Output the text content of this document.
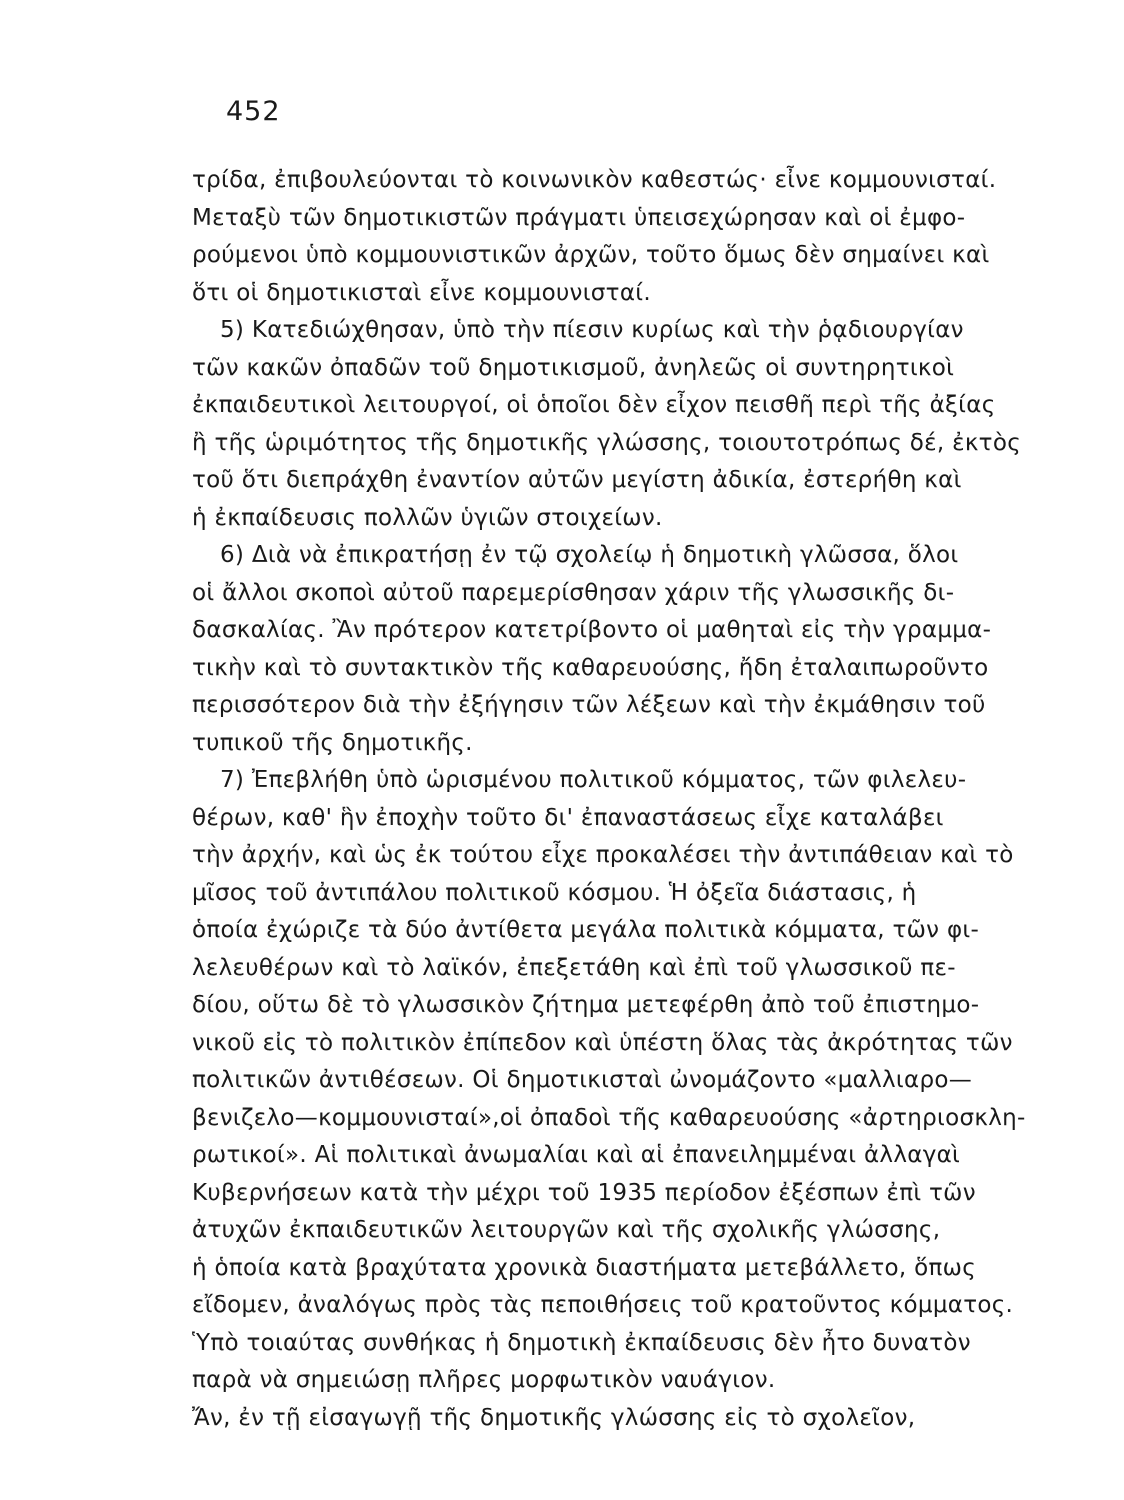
452
τρίδα, ἐπιβουλεύονται τὸ κοινωνικὸν καθεστώς· εἶνε κομμουνισταί.
Μεταξὺ τῶν δημοτικιστῶν πράγματι ὑπεισεχώρησαν καὶ οἱ ἐμφο-
ρούμενοι ὑπὸ κομμουνιστικῶν ἀρχῶν, τοῦτο ὅμως δὲν σημαίνει καὶ
ὅτι οἱ δημοτικισταὶ εἶνε κομμουνισταί.
5) Κατεδιώχθησαν, ὑπὸ τὴν πίεσιν κυρίως καὶ τὴν ῥᾳδιουργίαν
τῶν κακῶν ὀπαδῶν τοῦ δημοτικισμοῦ, ἀνηλεῶς οἱ συντηρητικοὶ
ἐκπαιδευτικοὶ λειτουργοί, οἱ ὁποῖοι δὲν εἶχον πεισθῆ περὶ τῆς ἀξίας
ἢ τῆς ὡριμότητος τῆς δημοτικῆς γλώσσης, τοιουτοτρόπως δέ, ἐκτὸς
τοῦ ὅτι διεπράχθη ἐναντίον αὐτῶν μεγίστη ἀδικία, ἐστερήθη καὶ
ἡ ἐκπαίδευσις πολλῶν ὑγιῶν στοιχείων.
6) Διὰ νὰ ἐπικρατήσῃ ἐν τῷ σχολείῳ ἡ δημοτικὴ γλῶσσα, ὅλοι
οἱ ἄλλοι σκοποὶ αὐτοῦ παρεμερίσθησαν χάριν τῆς γλωσσικῆς δι-
δασκαλίας. Ἂν πρότερον κατετρίβοντο οἱ μαθηταὶ εἰς τὴν γραμμα-
τικὴν καὶ τὸ συντακτικὸν τῆς καθαρευούσης, ἤδη ἐταλαιπωροῦντο
περισσότερον διὰ τὴν ἐξήγησιν τῶν λέξεων καὶ τὴν ἐκμάθησιν τοῦ
τυπικοῦ τῆς δημοτικῆς.
7) Ἐπεβλήθη ὑπὸ ὡρισμένου πολιτικοῦ κόμματος, τῶν φιλελευ-
θέρων, καθ' ἣν ἐποχὴν τοῦτο δι' ἐπαναστάσεως εἶχε καταλάβει
τὴν ἀρχήν, καὶ ὡς ἐκ τούτου εἶχε προκαλέσει τὴν ἀντιπάθειαν καὶ τὸ
μῖσος τοῦ ἀντιπάλου πολιτικοῦ κόσμου. Ἡ ὀξεῖα διάστασις, ἡ
ὁποία ἐχώριζε τὰ δύο ἀντίθετα μεγάλα πολιτικὰ κόμματα, τῶν φι-
λελευθέρων καὶ τὸ λαϊκόν, ἐπεξετάθη καὶ ἐπὶ τοῦ γλωσσικοῦ πε-
δίου, οὕτω δὲ τὸ γλωσσικὸν ζήτημα μετεφέρθη ἀπὸ τοῦ ἐπιστημο-
νικοῦ εἰς τὸ πολιτικὸν ἐπίπεδον καὶ ὑπέστη ὅλας τὰς ἀκρότητας τῶν
πολιτικῶν ἀντιθέσεων. Οἱ δημοτικισταὶ ὠνομάζοντο «μαλλιαρο—
βενιζελο—κομμουνισταί»,οἱ ὀπαδοὶ τῆς καθαρευούσης «ἀρτηριοσκλη-
ρωτικοί». Αἱ πολιτικαὶ ἀνωμαλίαι καὶ αἱ ἐπανειλημμέναι ἀλλαγαὶ
Κυβερνήσεων κατὰ τὴν μέχρι τοῦ 1935 περίοδον ἐξέσπων ἐπὶ τῶν
ἀτυχῶν ἐκπαιδευτικῶν λειτουργῶν καὶ τῆς σχολικῆς γλώσσης,
ἡ ὁποία κατὰ βραχύτατα χρονικὰ διαστήματα μετεβάλλετο, ὅπως
εἴδομεν, ἀναλόγως πρὸς τὰς πεποιθήσεις τοῦ κρατοῦντος κόμματος.
Ὑπὸ τοιαύτας συνθήκας ἡ δημοτικὴ ἐκπαίδευσις δὲν ἦτο δυνατὸν
παρὰ νὰ σημειώσῃ πλῆρες μορφωτικὸν ναυάγιον.
Ἄν, ἐν τῇ εἰσαγωγῇ τῆς δημοτικῆς γλώσσης εἰς τὸ σχολεῖον,
